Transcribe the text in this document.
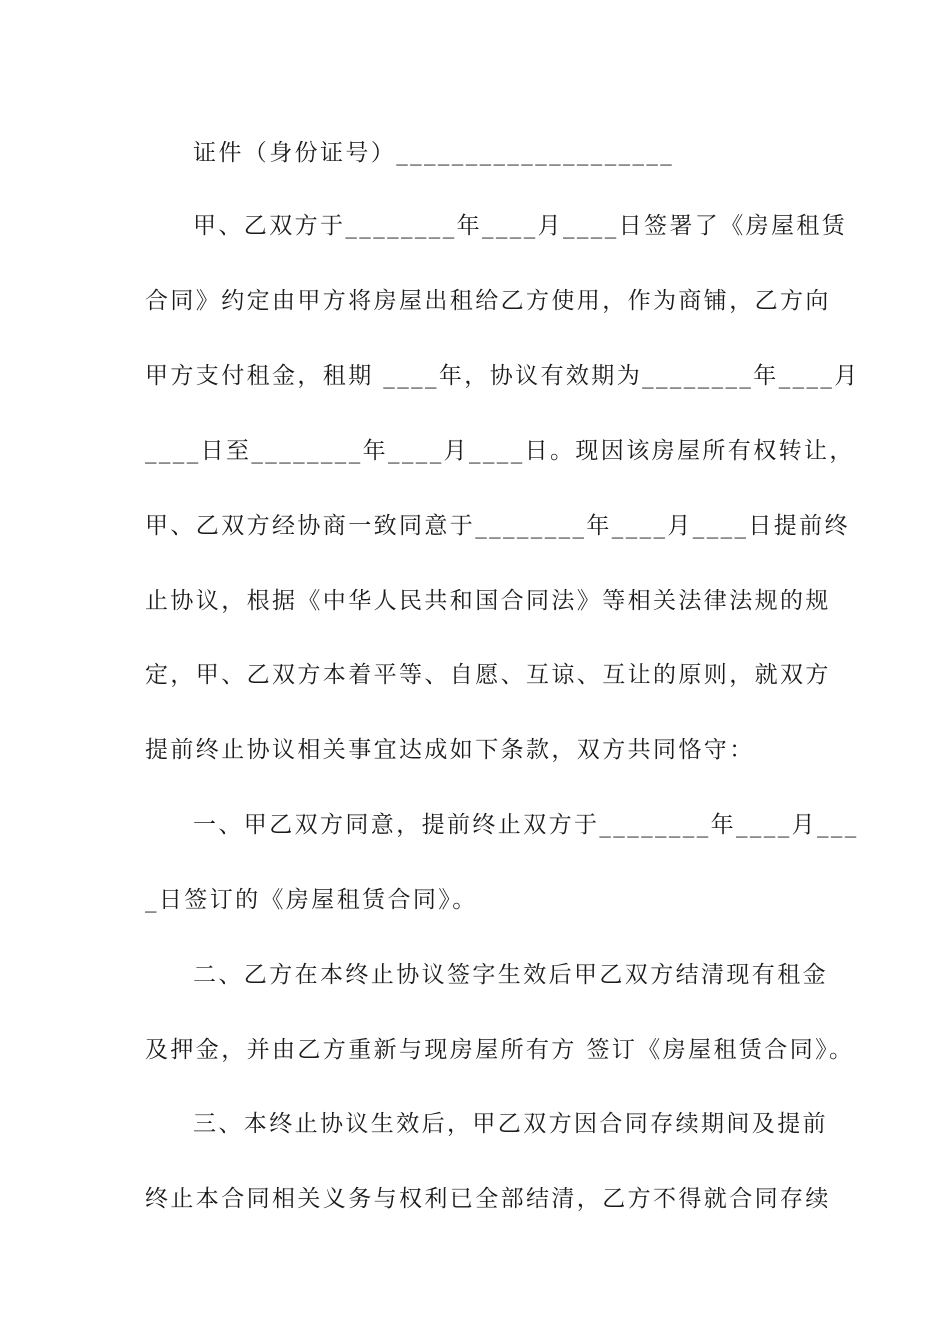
证件（身份证号）____________________
甲、乙双方于________年____月____日签署了《房屋租赁
合同》约定由甲方将房屋出租给乙方使用，作为商铺，乙方向
甲方支付租金，租期 ____年，协议有效期为________年____月
____日至________年____月____日。现因该房屋所有权转让，
甲、乙双方经协商一致同意于________年____月____日提前终
止协议，根据《中华人民共和国合同法》等相关法律法规的规
定，甲、乙双方本着平等、自愿、互谅、互让的原则，就双方
提前终止协议相关事宜达成如下条款，双方共同恪守：
一、甲乙双方同意，提前终止双方于________年____月___
_日签订的《房屋租赁合同》。
二、乙方在本终止协议签字生效后甲乙双方结清现有租金
及押金，并由乙方重新与现房屋所有方 签订《房屋租赁合同》。
三、本终止协议生效后，甲乙双方因合同存续期间及提前
终止本合同相关义务与权利已全部结清，乙方不得就合同存续
